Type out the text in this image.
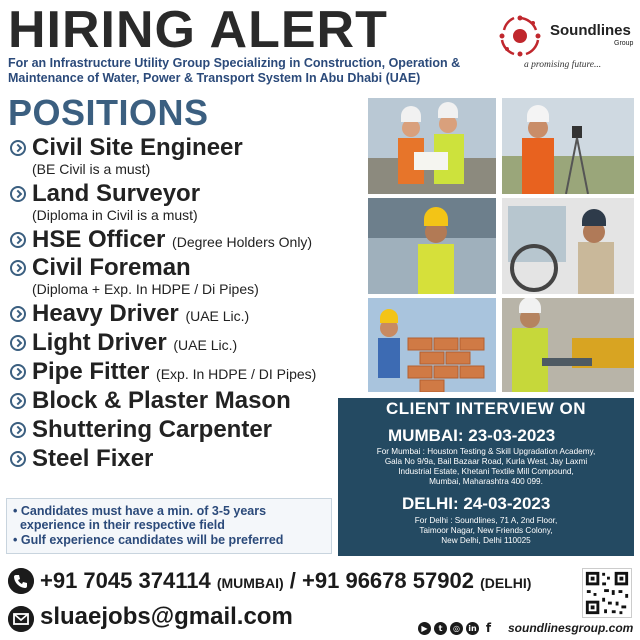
HIRING ALERT
For an Infrastructure Utility Group Specializing in Construction, Operation & Maintenance of Water, Power & Transport System In Abu Dhabi (UAE)
Soundlines
Group
a promising future...
POSITIONS
Civil Site Engineer
(BE Civil is a must)
Land Surveyor
(Diploma in Civil is a must)
HSE Officer (Degree Holders Only)
Civil Foreman
(Diploma + Exp. In HDPE / Di Pipes)
Heavy Driver (UAE Lic.)
Light Driver (UAE Lic.)
Pipe Fitter (Exp. In HDPE / DI Pipes)
Block & Plaster Mason
Shuttering Carpenter
Steel Fixer
CLIENT INTERVIEW ON
MUMBAI: 23-03-2023
For Mumbai : Houston Testing & Skill Upgradation Academy,
Gala No 9/9a, Bail Bazaar Road, Kurla West, Jay Laxmi
Industrial Estate, Khetani Textile Mill Compound,
Mumbai, Maharashtra 400 099.
DELHI: 24-03-2023
For Delhi : Soundlines, 71 A, 2nd Floor,
Taimoor Nagar, New Friends Colony,
New Delhi, Delhi 110025
• Candidates must have a min. of 3-5 years
experience in their respective field
• Gulf experience candidates will be preferred
+91 7045 374114 (MUMBAI) / +91 96678 57902 (DELHI)
sluaejobs@gmail.com	▶	t	◎	in f	soundlinesgroup.com
